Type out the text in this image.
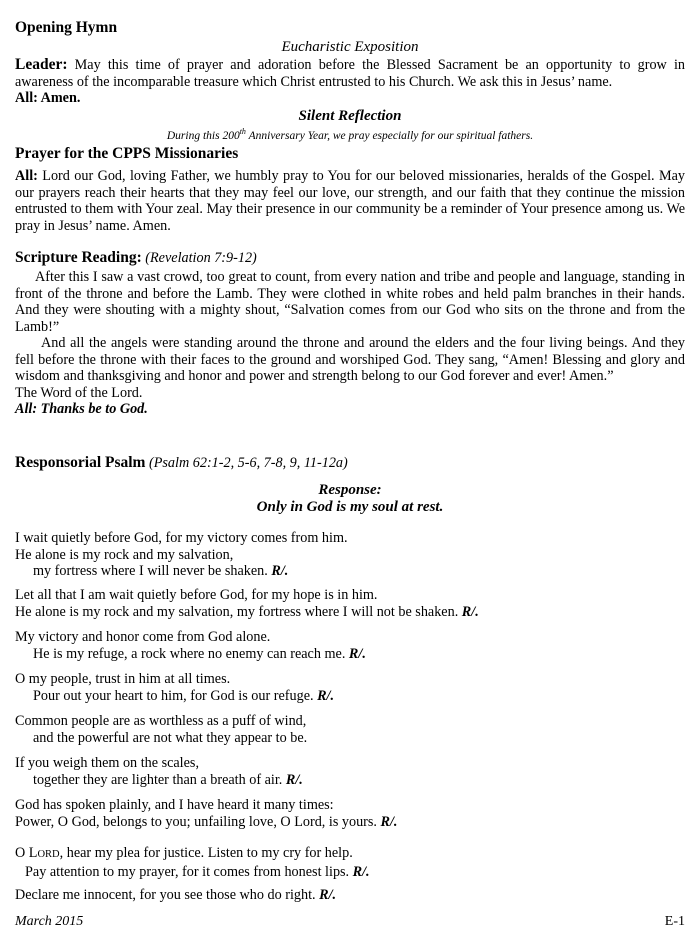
Opening Hymn

Eucharistic Exposition

Leader: May this time of prayer and adoration before the Blessed Sacrament be an opportunity to grow in awareness of the incomparable treasure which Christ entrusted to his Church. We ask this in Jesus’ name.

All: Amen.

Silent Reflection

During this 200th Anniversary Year, we pray especially for our spiritual fathers.

Prayer for the CPPS Missionaries

All: Lord our God, loving Father, we humbly pray to You for our beloved missionaries, heralds of the Gospel. May our prayers reach their hearts that they may feel our love, our strength, and our faith that they continue the mission entrusted to them with Your zeal. May their presence in our community be a reminder of Your presence among us. We pray in Jesus’ name. Amen.

Scripture Reading: (Revelation 7:9-12)

After this I saw a vast crowd, too great to count, from every nation and tribe and people and language, standing in front of the throne and before the Lamb. They were clothed in white robes and held palm branches in their hands. And they were shouting with a mighty shout, “Salvation comes from our God who sits on the throne and from the Lamb!”

And all the angels were standing around the throne and around the elders and the four living beings. And they fell before the throne with their faces to the ground and worshiped God. They sang, “Amen! Blessing and glory and wisdom and thanksgiving and honor and power and strength belong to our God forever and ever! Amen.”

The Word of the Lord.

All: Thanks be to God.

Responsorial Psalm (Psalm 62:1-2, 5-6, 7-8, 9, 11-12a)

Response:

Only in God is my soul at rest.

I wait quietly before God, for my victory comes from him.

He alone is my rock and my salvation,

my fortress where I will never be shaken. R/.

Let all that I am wait quietly before God, for my hope is in him.

He alone is my rock and my salvation, my fortress where I will not be shaken. R/.

My victory and honor come from God alone.

He is my refuge, a rock where no enemy can reach me. R/.

O my people, trust in him at all times.

Pour out your heart to him, for God is our refuge. R/.

Common people are as worthless as a puff of wind,

and the powerful are not what they appear to be.

If you weigh them on the scales,

together they are lighter than a breath of air. R/.

God has spoken plainly, and I have heard it many times:

Power, O God, belongs to you; unfailing love, O Lord, is yours. R/.

O LORD, hear my plea for justice. Listen to my cry for help.

Pay attention to my prayer, for it comes from honest lips. R/.

Declare me innocent, for you see those who do right. R/.

March 2015	E-1
